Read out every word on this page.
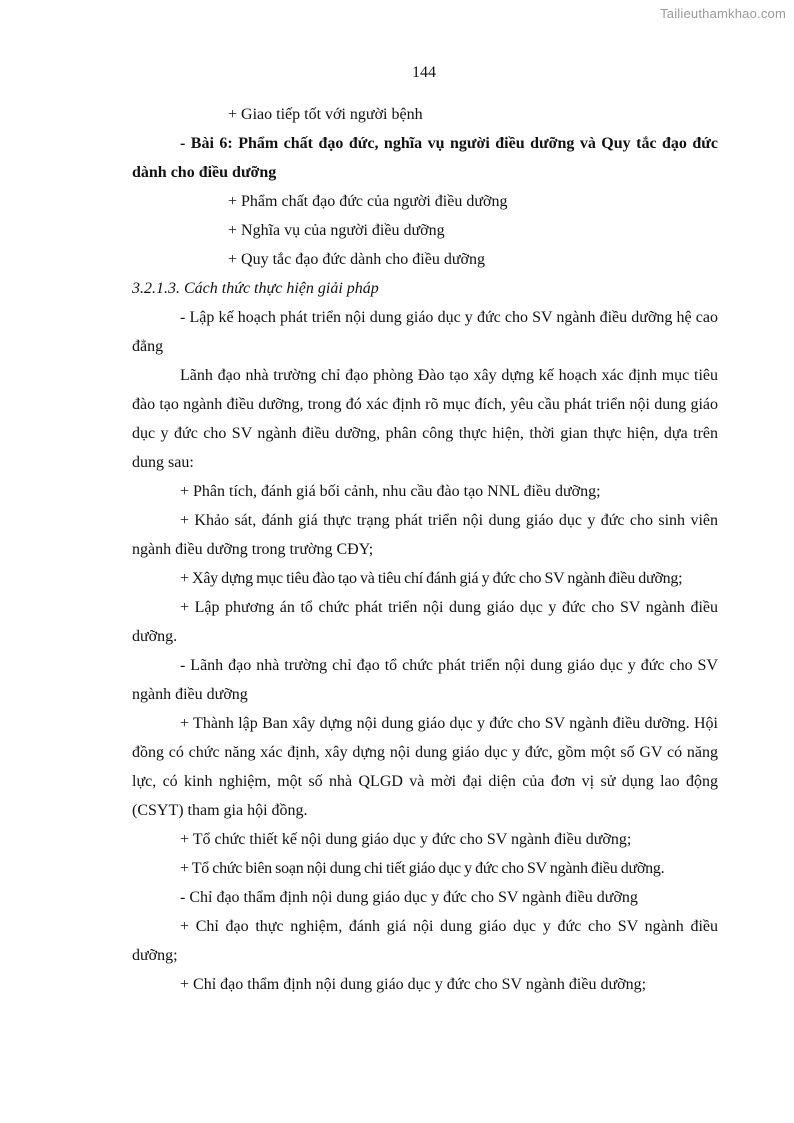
Tailieuthamkhao.com
144

+ Giao tiếp tốt với người bệnh

- Bài 6: Phẩm chất đạo đức, nghĩa vụ người điều dưỡng và Quy tắc đạo đức dành cho điều dưỡng

+ Phẩm chất đạo đức của người điều dưỡng

+ Nghĩa vụ của người điều dưỡng

+ Quy tắc đạo đức dành cho điều dưỡng

3.2.1.3. Cách thức thực hiện giải pháp

- Lập kế hoạch phát triển nội dung giáo dục y đức cho SV ngành điều dưỡng hệ cao đẳng

Lãnh đạo nhà trường chỉ đạo phòng Đào tạo xây dựng kế hoạch xác định mục tiêu đào tạo ngành điều dưỡng, trong đó xác định rõ mục đích, yêu cầu phát triển nội dung giáo dục y đức cho SV ngành điều dưỡng, phân công thực hiện, thời gian thực hiện, dựa trên dung sau:

+ Phân tích, đánh giá bối cảnh, nhu cầu đào tạo NNL điều dưỡng;

+ Khảo sát, đánh giá thực trạng phát triển nội dung giáo dục y đức cho sinh viên ngành điều dưỡng trong trường CĐY;

+ Xây dựng mục tiêu đào tạo và tiêu chí đánh giá y đức cho SV ngành điều dưỡng;

+ Lập phương án tổ chức phát triển nội dung giáo dục y đức cho SV ngành điều dưỡng.

- Lãnh đạo nhà trường chỉ đạo tổ chức phát triển nội dung giáo dục y đức cho SV ngành điều dưỡng

+ Thành lập Ban xây dựng nội dung giáo dục y đức cho SV ngành điều dưỡng. Hội đồng có chức năng xác định, xây dựng nội dung giáo dục y đức, gồm một số GV có năng lực, có kinh nghiệm, một số nhà QLGD và mời đại diện của đơn vị sử dụng lao động (CSYT) tham gia hội đồng.

+ Tổ chức thiết kế nội dung giáo dục y đức cho SV ngành điều dưỡng;

+ Tổ chức biên soạn nội dung chi tiết giáo dục y đức cho SV ngành điều dưỡng.

- Chỉ đạo thẩm định nội dung giáo dục y đức cho SV ngành điều dưỡng

+ Chỉ đạo thực nghiệm, đánh giá nội dung giáo dục y đức cho SV ngành điều dưỡng;

+ Chỉ đạo thẩm định nội dung giáo dục y đức cho SV ngành điều dưỡng;
